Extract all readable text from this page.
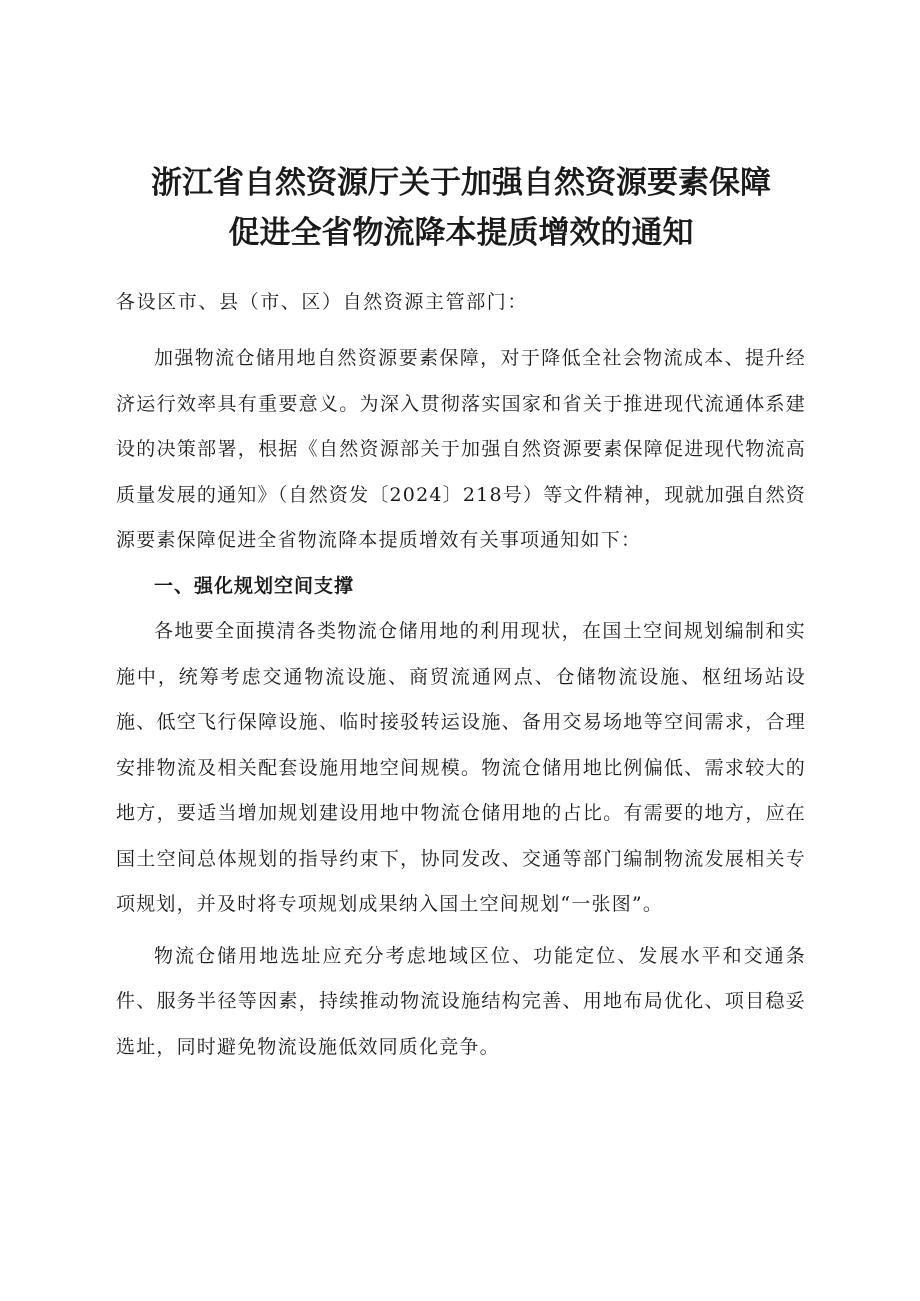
浙江省自然资源厅关于加强自然资源要素保障
促进全省物流降本提质增效的通知
各设区市、县（市、区）自然资源主管部门：

加强物流仓储用地自然资源要素保障，对于降低全社会物流成本、提升经济运行效率具有重要意义。为深入贯彻落实国家和省关于推进现代流通体系建设的决策部署，根据《自然资源部关于加强自然资源要素保障促进现代物流高质量发展的通知》（自然资发〔2024〕218号）等文件精神，现就加强自然资源要素保障促进全省物流降本提质增效有关事项通知如下：

一、强化规划空间支撑

各地要全面摸清各类物流仓储用地的利用现状，在国土空间规划编制和实施中，统筹考虑交通物流设施、商贸流通网点、仓储物流设施、枢纽场站设施、低空飞行保障设施、临时接驳转运设施、备用交易场地等空间需求，合理安排物流及相关配套设施用地空间规模。物流仓储用地比例偏低、需求较大的地方，要适当增加规划建设用地中物流仓储用地的占比。有需要的地方，应在国土空间总体规划的指导约束下，协同发改、交通等部门编制物流发展相关专项规划，并及时将专项规划成果纳入国土空间规划“一张图”。

物流仓储用地选址应充分考虑地域区位、功能定位、发展水平和交通条件、服务半径等因素，持续推动物流设施结构完善、用地布局优化、项目稳妥选址，同时避免物流设施低效同质化竞争。
